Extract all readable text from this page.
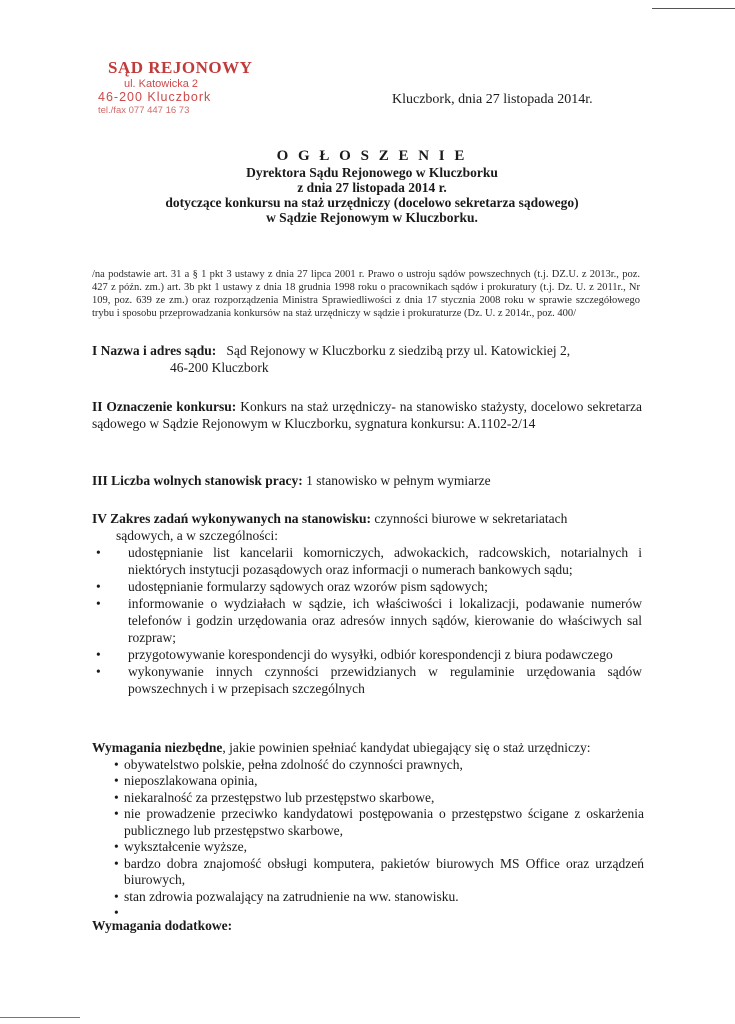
SĄD REJONOWY
ul. Katowicka 2
46-200 Kluczbork
tel./fax 077 447 16 73
Kluczbork, dnia 27 listopada 2014r.
O G Ł O S Z E N I E
Dyrektora Sądu Rejonowego w Kluczborku
z dnia 27 listopada 2014 r.
dotyczące konkursu na staż urzędniczy (docelowo sekretarza sądowego)
w Sądzie Rejonowym w Kluczborku.
/na podstawie art. 31 a § 1 pkt 3 ustawy z dnia 27 lipca 2001 r. Prawo o ustroju sądów powszechnych (t.j. DZ.U. z 2013r., poz. 427 z późn. zm.) art. 3b pkt 1 ustawy z dnia 18 grudnia 1998 roku o pracownikach sądów i prokuratury (t.j. Dz. U. z 2011r., Nr 109, poz. 639 ze zm.) oraz rozporządzenia Ministra Sprawiedliwości z dnia 17 stycznia 2008 roku w sprawie szczegółowego trybu i sposobu przeprowadzania konkursów na staż urzędniczy w sądzie i prokuraturze (Dz. U. z 2014r., poz. 400/
I Nazwa i adres sądu: Sąd Rejonowy w Kluczborku z siedzibą przy ul. Katowickiej 2,
46-200 Kluczbork
II Oznaczenie konkursu: Konkurs na staż urzędniczy- na stanowisko stażysty, docelowo sekretarza sądowego w Sądzie Rejonowym w Kluczborku, sygnatura konkursu: A.1102-2/14
III Liczba wolnych stanowisk pracy: 1 stanowisko w pełnym wymiarze
IV Zakres zadań wykonywanych na stanowisku: czynności biurowe w sekretariatach
sądowych, a w szczególności:
• udostępnianie list kancelarii komorniczych, adwokackich, radcowskich, notarialnych i niektórych instytucji pozasądowych oraz informacji o numerach bankowych sądu;
• udostępnianie formularzy sądowych oraz wzorów pism sądowych;
• informowanie o wydziałach w sądzie, ich właściwości i lokalizacji, podawanie numerów telefonów i godzin urzędowania oraz adresów innych sądów, kierowanie do właściwych sal rozpraw;
• przygotowywanie korespondencji do wysyłki, odbiór korespondencji z biura podawczego
• wykonywanie innych czynności przewidzianych w regulaminie urzędowania sądów powszechnych i w przepisach szczególnych
Wymagania niezbędne, jakie powinien spełniać kandydat ubiegający się o staż urzędniczy:
• obywatelstwo polskie, pełna zdolność do czynności prawnych,
• nieposzlakowana opinia,
• niekaralność za przestępstwo lub przestępstwo skarbowe,
• nie prowadzenie przeciwko kandydatowi postępowania o przestępstwo ścigane z oskarżenia publicznego lub przestępstwo skarbowe,
• wykształcenie wyższe,
• bardzo dobra znajomość obsługi komputera, pakietów biurowych MS Office oraz urządzeń biurowych,
• stan zdrowia pozwalający na zatrudnienie na ww. stanowisku.
•
Wymagania dodatkowe:
